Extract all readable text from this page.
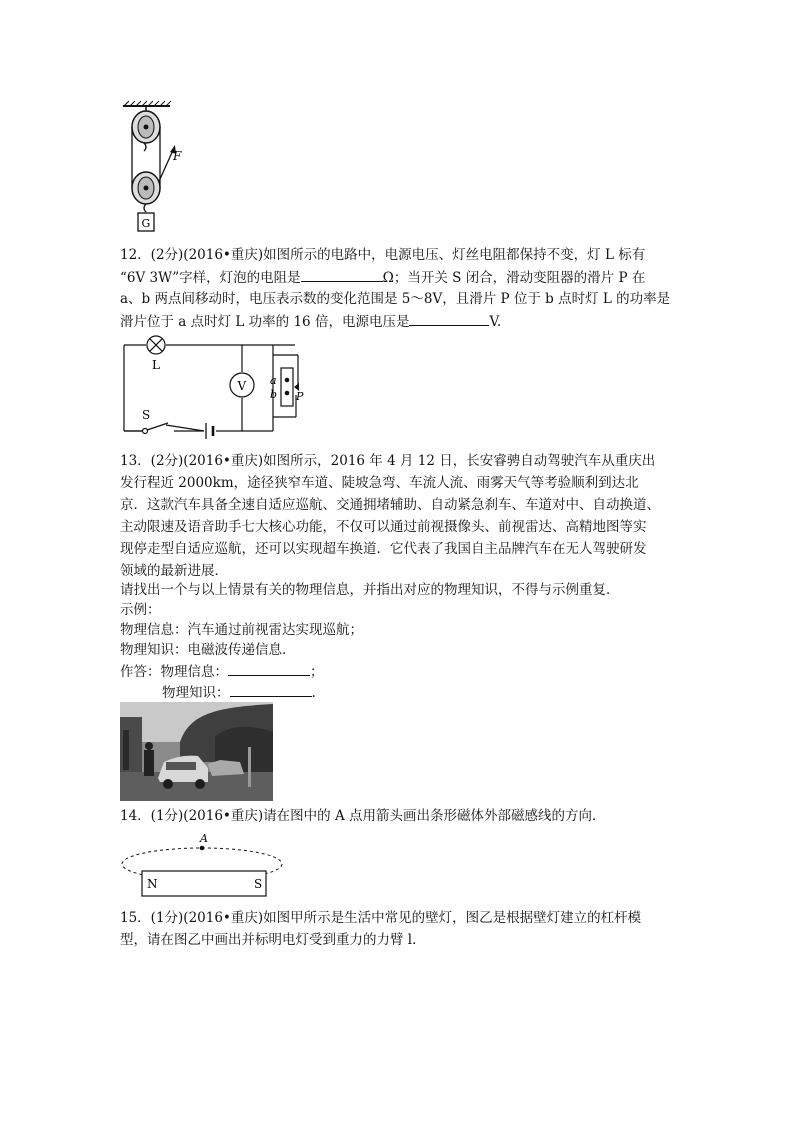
F
G
12．(2分)(2016•重庆)如图所示的电路中，电源电压、灯丝电阻都保持不变，灯 L 标有
“6V 3W”字样，灯泡的电阻是	Ω；当开关 S 闭合，滑动变阻器的滑片 P 在
a、b 两点间移动时，电压表示数的变化范围是 5～8V，且滑片 P 位于 b 点时灯 L 的功率是
滑片位于 a 点时灯 L 功率的 16 倍，电源电压是	V.
L
V a
b P
S
13．(2分)(2016•重庆)如图所示，2016 年 4 月 12 日，长安睿骋自动驾驶汽车从重庆出
发行程近 2000km，途径狭窄车道、陡坡急弯、车流人流、雨雾天气等考验顺利到达北
京．这款汽车具备全速自适应巡航、交通拥堵辅助、自动紧急刹车、车道对中、自动换道、
主动限速及语音助手七大核心功能，不仅可以通过前视摄像头、前视雷达、高精地图等实
现停走型自适应巡航，还可以实现超车换道．它代表了我国自主品牌汽车在无人驾驶研发
领域的最新进展．
请找出一个与以上情景有关的物理信息，并指出对应的物理知识，不得与示例重复．
示例：
物理信息：汽车通过前视雷达实现巡航；
物理知识：电磁波传递信息．
作答：物理信息：	；
物理知识：	.
14．(1分)(2016•重庆)请在图中的 A 点用箭头画出条形磁体外部磁感线的方向．
A
N	S
15．(1分)(2016•重庆)如图甲所示是生活中常见的壁灯，图乙是根据壁灯建立的杠杆模
型，请在图乙中画出并标明电灯受到重力的力臂 l．
